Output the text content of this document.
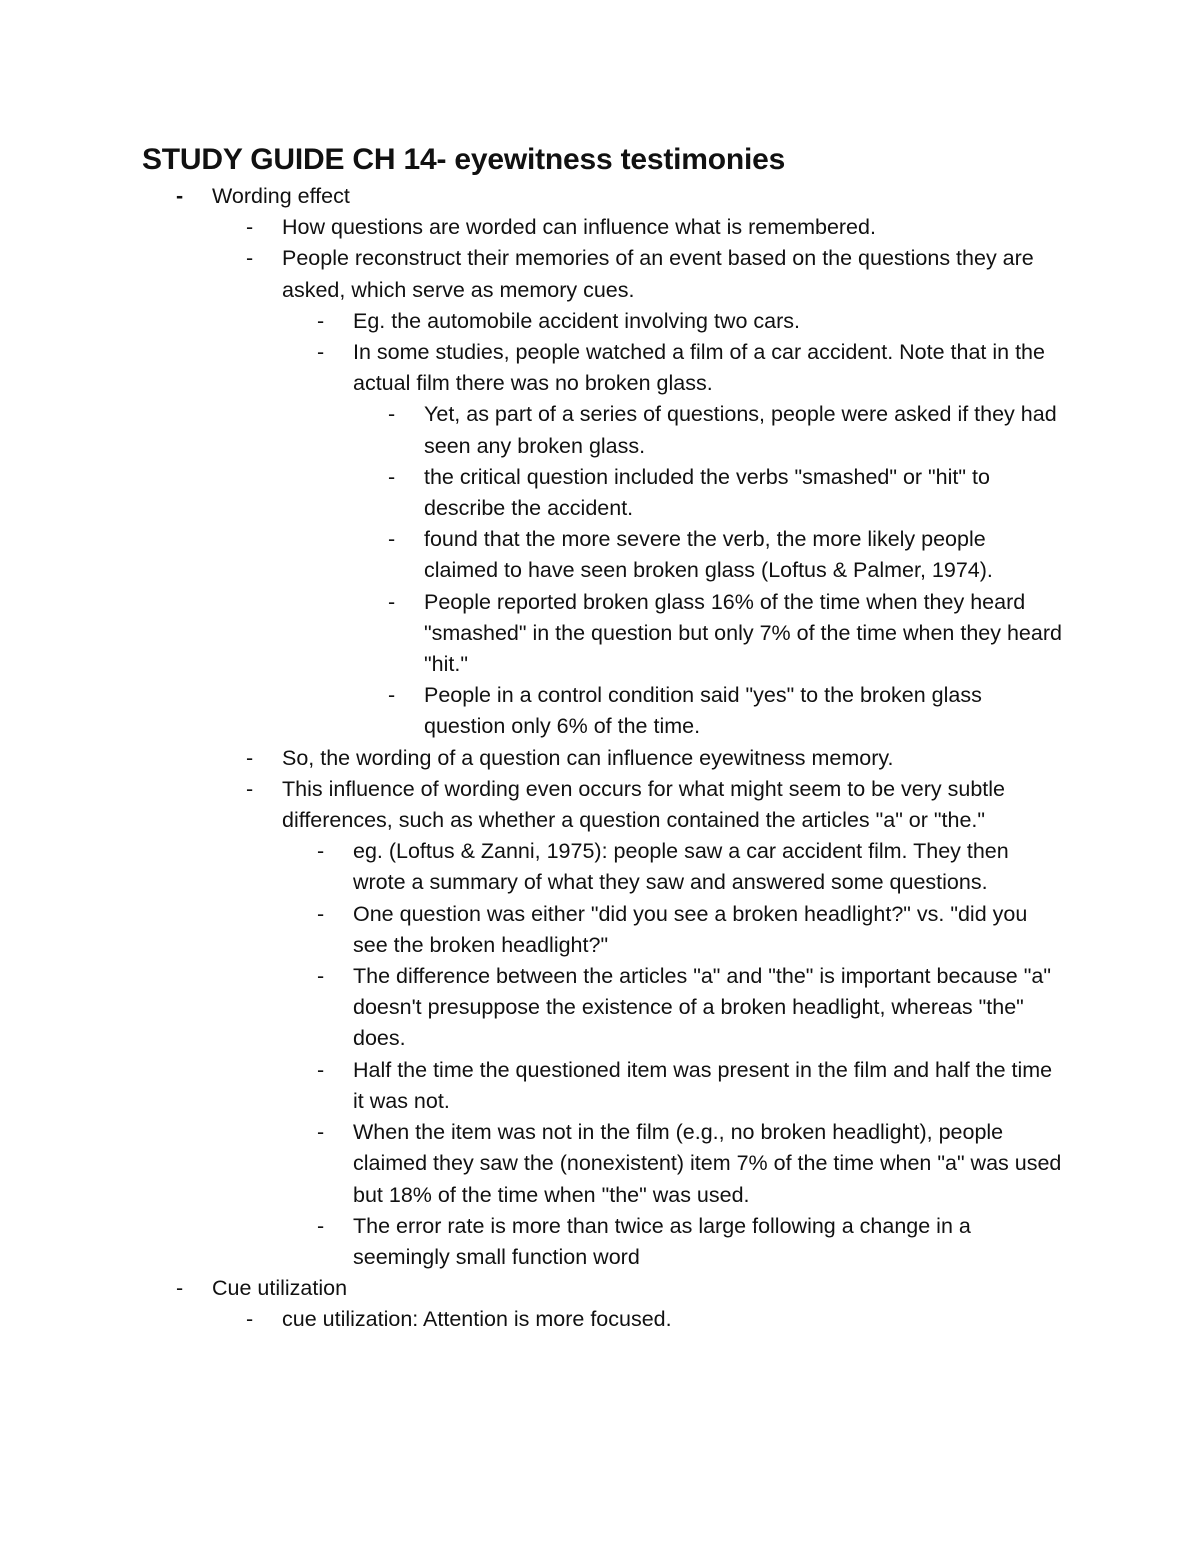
STUDY GUIDE CH 14- eyewitness testimonies
-	Wording effect
-	How questions are worded can influence what is remembered.
-	People reconstruct their memories of an event based on the questions they are asked, which serve as memory cues.
-	Eg. the automobile accident involving two cars.
-	In some studies, people watched a film of a car accident. Note that in the actual film there was no broken glass.
-	Yet, as part of a series of questions, people were asked if they had seen any broken glass.
-	the critical question included the verbs "smashed" or "hit" to describe the accident.
-	found that the more severe the verb, the more likely people claimed to have seen broken glass (Loftus & Palmer, 1974).
-	People reported broken glass 16% of the time when they heard "smashed" in the question but only 7% of the time when they heard "hit."
-	People in a control condition said "yes" to the broken glass question only 6% of the time.
-	So, the wording of a question can influence eyewitness memory.
-	This influence of wording even occurs for what might seem to be very subtle differences, such as whether a question contained the articles "a" or "the."
-	eg. (Loftus & Zanni, 1975): people saw a car accident film. They then wrote a summary of what they saw and answered some questions.
-	One question was either "did you see a broken headlight?" vs. "did you see the broken headlight?"
-	The difference between the articles "a" and "the" is important because "a" doesn't presuppose the existence of a broken headlight, whereas "the" does.
-	Half the time the questioned item was present in the film and half the time it was not.
-	When the item was not in the film (e.g., no broken headlight), people claimed they saw the (nonexistent) item 7% of the time when "a" was used but 18% of the time when "the" was used.
-	The error rate is more than twice as large following a change in a seemingly small function word
-	Cue utilization
-	cue utilization: Attention is more focused.
